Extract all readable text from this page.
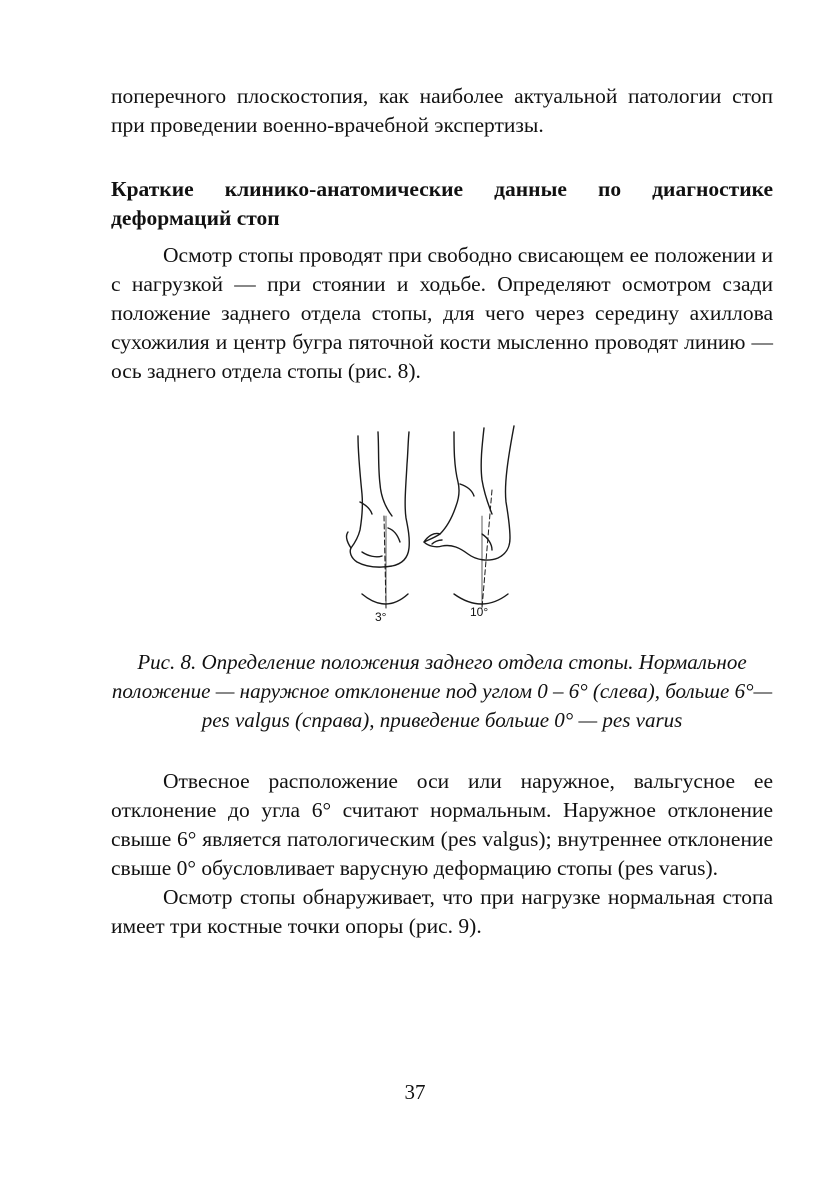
поперечного плоскостопия, как наиболее актуальной патологии стоп при проведении военно-врачебной экспертизы.

Краткие клинико-анатомические данные по диагностике деформаций стоп

Осмотр стопы проводят при свободно свисающем ее положении и с нагрузкой — при стоянии и ходьбе. Определяют осмотром сзади положение заднего отдела стопы, для чего через середину ахиллова сухожилия и центр бугра пяточной кости мысленно проводят линию — ось заднего отдела стопы (рис. 8).

3°	10°

Рис. 8. Определение положения заднего отдела стопы. Нормальное положение — наружное отклонение под углом 0 – 6° (слева), больше 6°— pes valgus (справа), приведение больше 0° — pes varus

Отвесное расположение оси или наружное, вальгусное ее отклонение до угла 6° считают нормальным. Наружное отклонение свыше 6° является патологическим (pes valgus); внутреннее отклонение свыше 0° обусловливает варусную деформацию стопы (pes varus).

Осмотр стопы обнаруживает, что при нагрузке нормальная стопа имеет три костные точки опоры (рис. 9).

37
